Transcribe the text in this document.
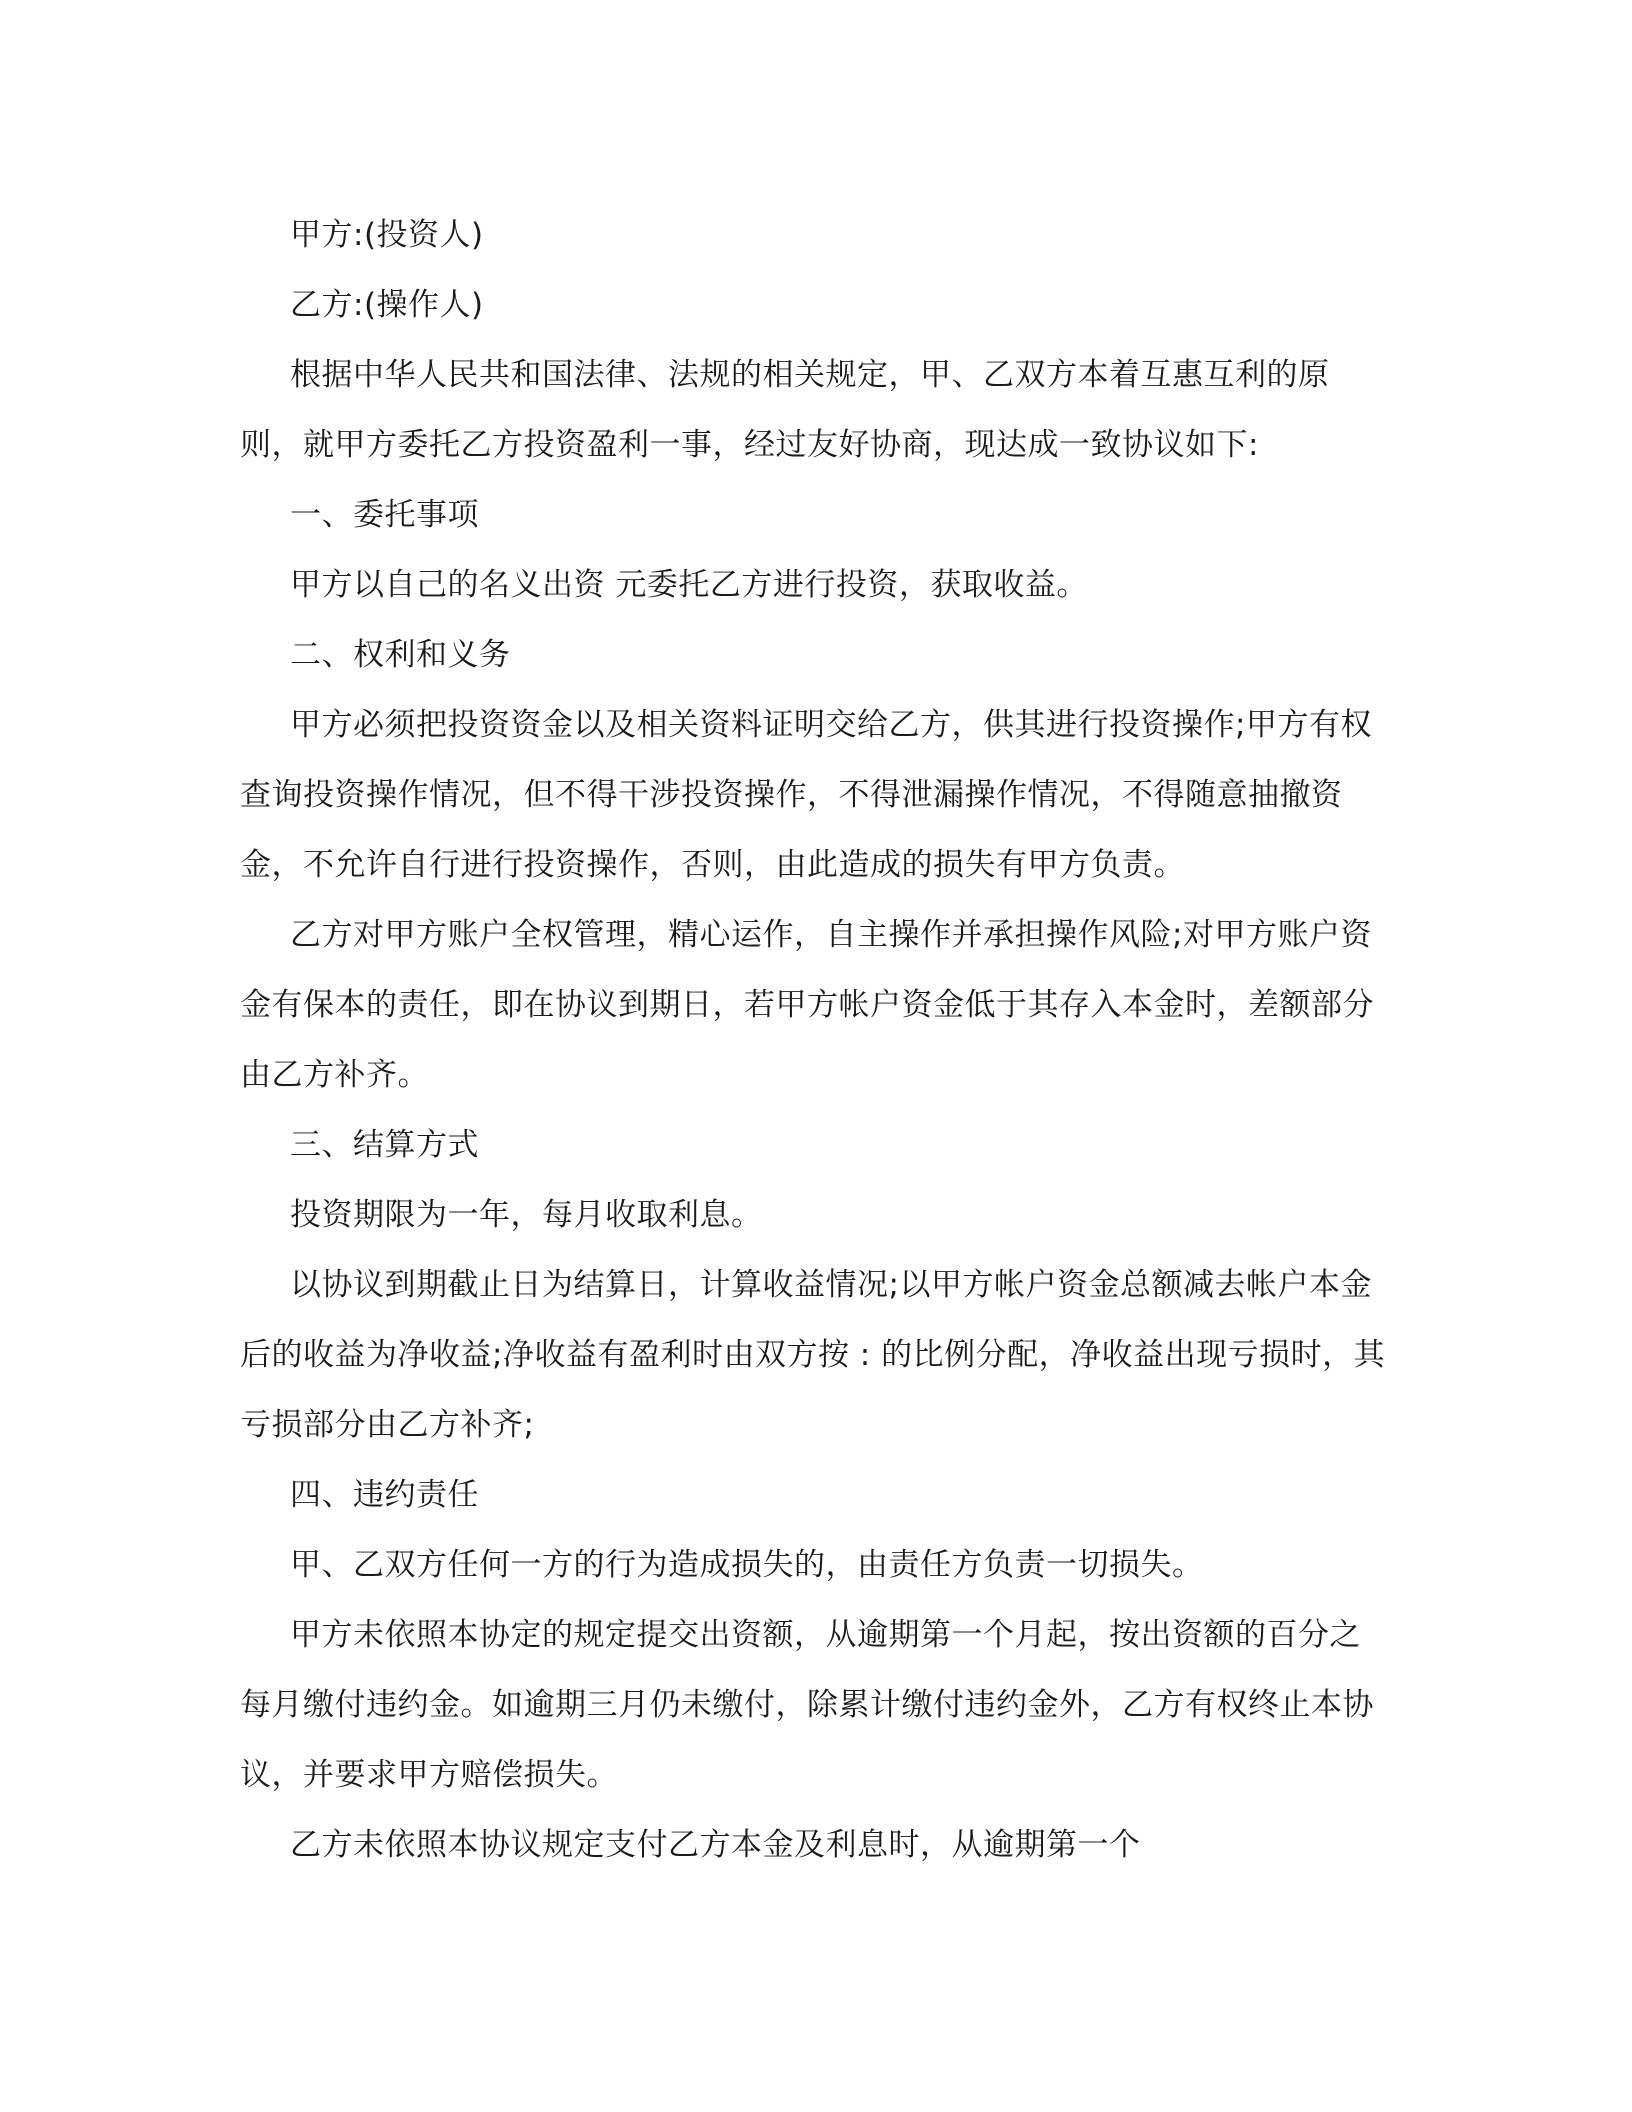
甲方:(投资人)

乙方:(操作人)

根据中华人民共和国法律、法规的相关规定，甲、乙双方本着互惠互利的原则，就甲方委托乙方投资盈利一事，经过友好协商，现达成一致协议如下:

一、委托事项

甲方以自己的名义出资 元委托乙方进行投资，获取收益。

二、权利和义务

甲方必须把投资资金以及相关资料证明交给乙方，供其进行投资操作;甲方有权查询投资操作情况，但不得干涉投资操作，不得泄漏操作情况，不得随意抽撤资金，不允许自行进行投资操作，否则，由此造成的损失有甲方负责。

乙方对甲方账户全权管理，精心运作，自主操作并承担操作风险;对甲方账户资金有保本的责任，即在协议到期日，若甲方帐户资金低于其存入本金时，差额部分由乙方补齐。

三、结算方式

投资期限为一年，每月收取利息。

以协议到期截止日为结算日，计算收益情况;以甲方帐户资金总额减去帐户本金后的收益为净收益;净收益有盈利时由双方按 : 的比例分配，净收益出现亏损时，其亏损部分由乙方补齐;

四、违约责任

甲、乙双方任何一方的行为造成损失的，由责任方负责一切损失。

甲方未依照本协定的规定提交出资额，从逾期第一个月起，按出资额的百分之每月缴付违约金。如逾期三月仍未缴付，除累计缴付违约金外，乙方有权终止本协议，并要求甲方赔偿损失。

乙方未依照本协议规定支付乙方本金及利息时，从逾期第一个
